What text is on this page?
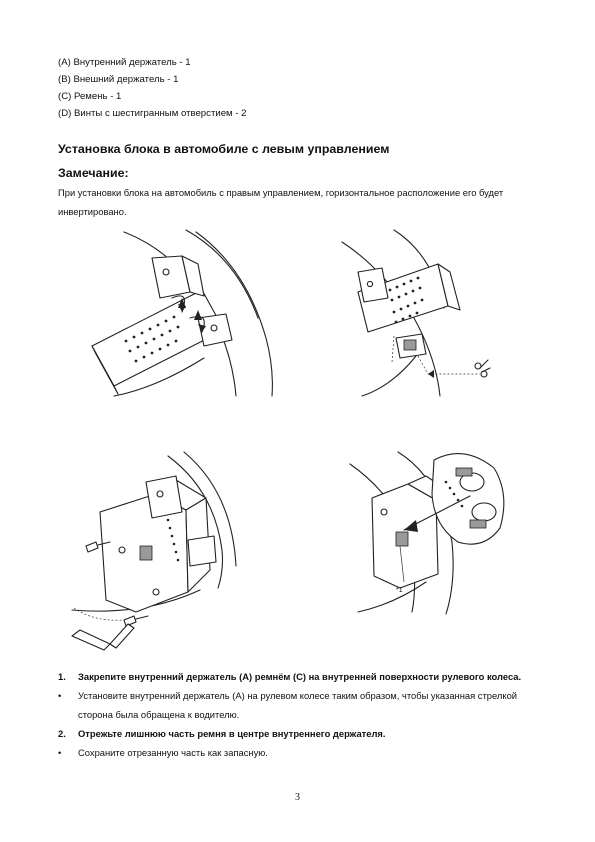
(A) Внутренний держатель - 1
(B) Внешний держатель - 1
(C) Ремень - 1
(D) Винты с шестигранным отверстием - 2
Установка блока в автомобиле с левым управлением
Замечание:
При установки блока на автомобиль с правым управлением, горизонтальное расположение его будет инвертировано.
*1
1. Закрепите внутренний держатель (A) ремнём (C) на внутренней поверхности рулевого колеса.
• Установите внутренний держатель (A) на рулевом колесе таким образом, чтобы указанная стрелкой сторона была обращена к водителю.
2. Отрежьте лишнюю часть ремня в центре внутреннего держателя.
• Сохраните отрезанную часть как запасную.
3
